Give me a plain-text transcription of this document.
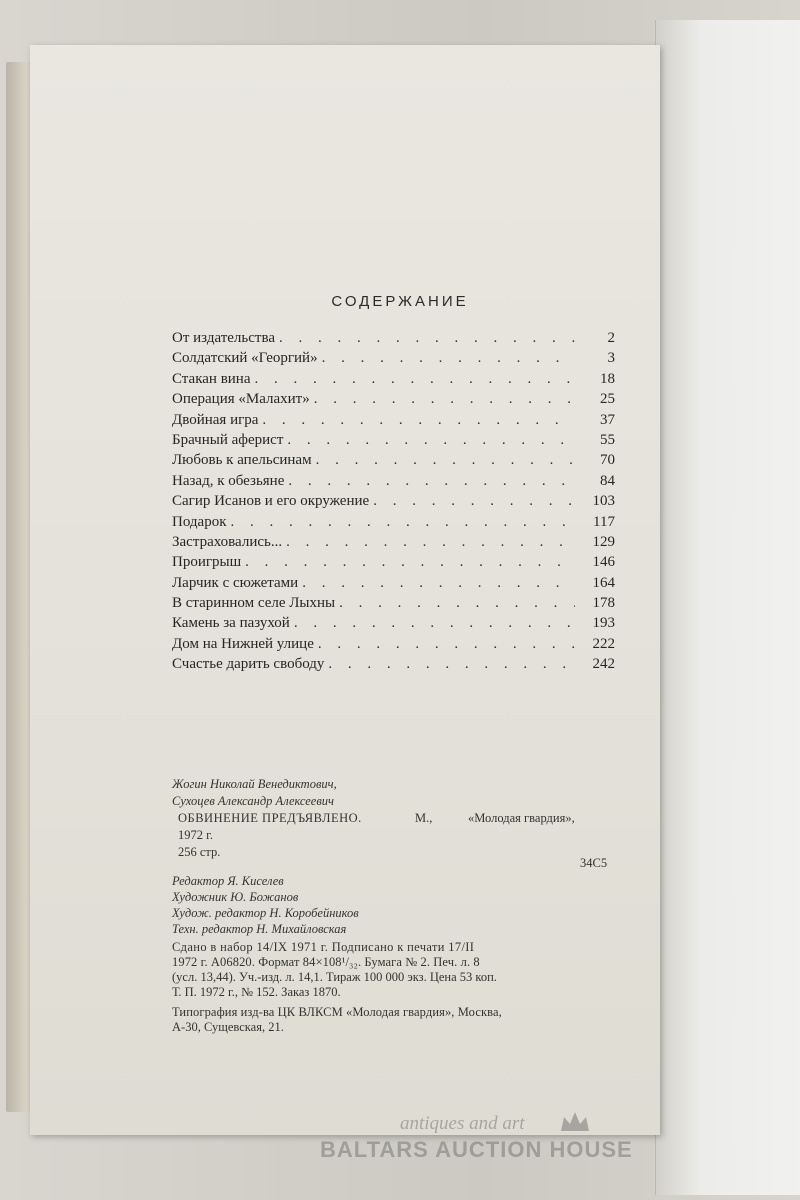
СОДЕРЖАНИЕ
От издательства . . .	2
Солдатский «Георгий» . . .	3
Стакан вина . . .	18
Операция «Малахит» . . .	25
Двойная игра . . .	37
Брачный аферист . . .	55
Любовь к апельсинам . . .	70
Назад, к обезьяне . . .	84
Сагир Исанов и его окружение . . .	103
Подарок . . .	117
Застраховались... . . .	129
Проигрыш . . .	146
Ларчик с сюжетами . . .	164
В старинном селе Лыхны . . .	178
Камень за пазухой . . .	193
Дом на Нижней улице . . .	222
Счастье дарить свободу . . .	242
Жогин Николай Венедиктович,
Сухоцев Александр Алексеевич
ОБВИНЕНИЕ ПРЕДЪЯВЛЕНО.	М.,	«Молодая гвардия»,
1972 г.
256 стр.
34С5
Редактор Я. Киселев
Художник Ю. Божанов
Худож. редактор Н. Коробейников
Техн. редактор Н. Михайловская
Сдано в набор 14/IX 1971 г. Подписано к печати 17/II
1972 г. А06820. Формат 84×108¹/₃₂. Бумага № 2. Печ. л. 8
(усл. 13,44). Уч.-изд. л. 14,1. Тираж 100 000 экз. Цена 53 коп.
Т. П. 1972 г., № 152. Заказ 1870.
Типография изд-ва ЦК ВЛКСМ «Молодая гвардия», Москва,
А-30, Сущевская, 21.
antiques and art
BALTARS AUCTION HOUSE
